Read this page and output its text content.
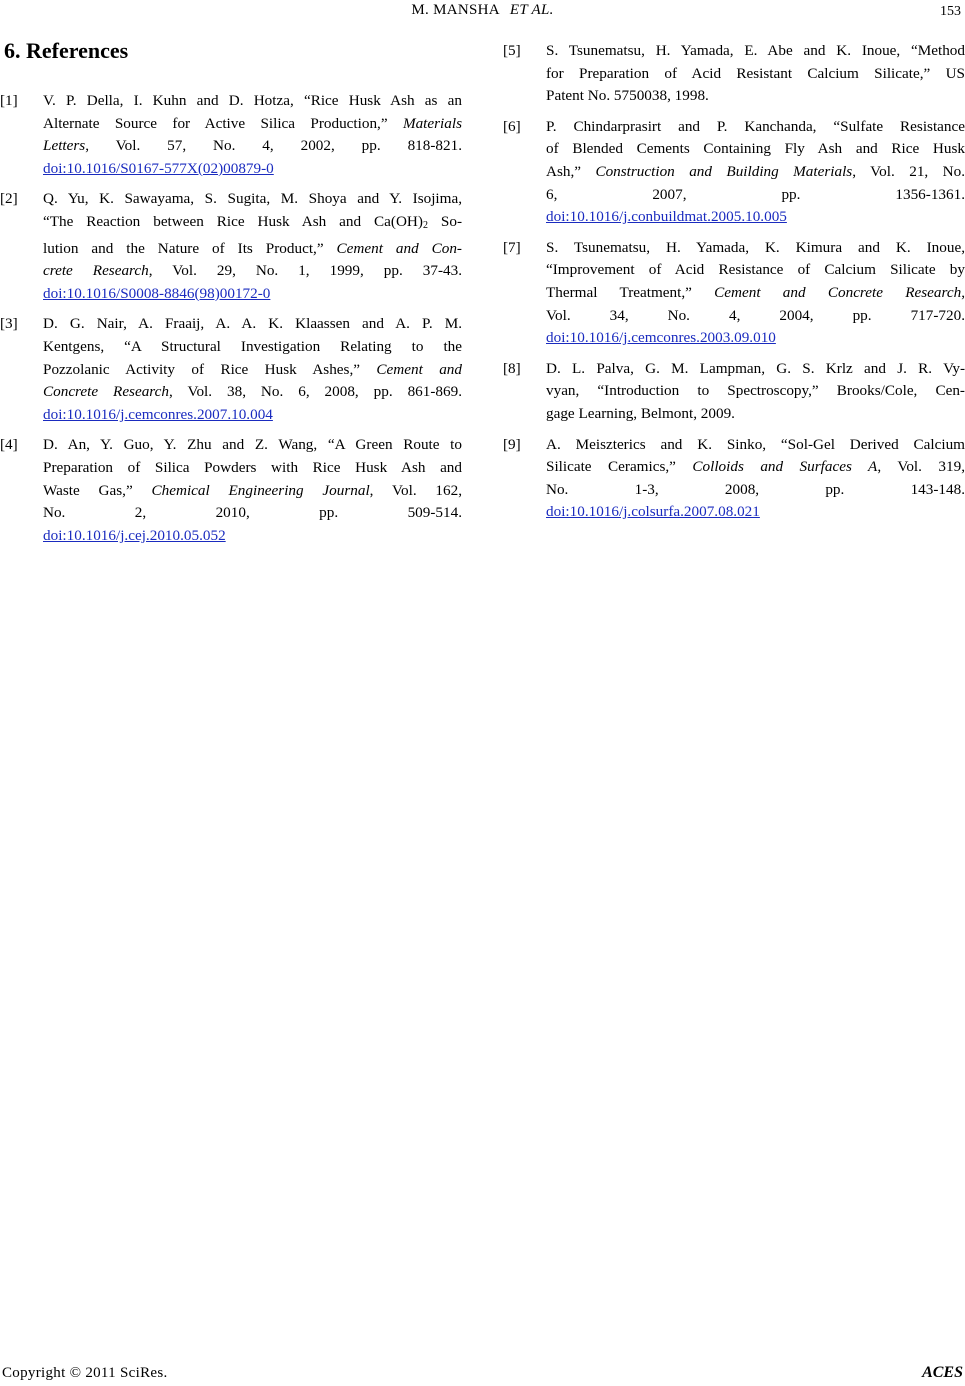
M. MANSHA ET AL.	153
6. References
[1] V. P. Della, I. Kuhn and D. Hotza, “Rice Husk Ash as an
Alternate Source for Active Silica Production,” Materials
Letters, Vol. 57, No. 4, 2002, pp. 818-821.
doi:10.1016/S0167-577X(02)00879-0
[2] Q. Yu, K. Sawayama, S. Sugita, M. Shoya and Y. Isojima,
“The Reaction between Rice Husk Ash and $Ca(OH)_2$ So-
lution and the Nature of Its Product,” Cement and Con-
crete Research, Vol. 29, No. 1, 1999, pp. 37-43.
doi:10.1016/S0008-8846(98)00172-0
[3] D. G. Nair, A. Fraaij, A. A. K. Klaassen and A. P. M.
Kentgens, “A Structural Investigation Relating to the
Pozzolanic Activity of Rice Husk Ashes,” Cement and
Concrete Research, Vol. 38, No. 6, 2008, pp. 861-869.
doi:10.1016/j.cemconres.2007.10.004
[4] D. An, Y. Guo, Y. Zhu and Z. Wang, “A Green Route to
Preparation of Silica Powders with Rice Husk Ash and
Waste Gas,” Chemical Engineering Journal, Vol. 162,
No. 2, 2010, pp. 509-514.
doi:10.1016/j.cej.2010.05.052
[5] S. Tsunematsu, H. Yamada, E. Abe and K. Inoue, “Method
for Preparation of Acid Resistant Calcium Silicate,” US
Patent No. 5750038, 1998.
[6] P. Chindarprasirt and P. Kanchanda, “Sulfate Resistance
of Blended Cements Containing Fly Ash and Rice Husk
Ash,” Construction and Building Materials, Vol. 21, No.
6, 2007, pp. 1356-1361.
doi:10.1016/j.conbuildmat.2005.10.005
[7] S. Tsunematsu, H. Yamada, K. Kimura and K. Inoue,
“Improvement of Acid Resistance of Calcium Silicate by
Thermal Treatment,” Cement and Concrete Research,
Vol. 34, No. 4, 2004, pp. 717-720.
doi:10.1016/j.cemconres.2003.09.010
[8] D. L. Palva, G. M. Lampman, G. S. Krlz and J. R. Vy-
vyan, “Introduction to Spectroscopy,” Brooks/Cole, Cen-
gage Learning, Belmont, 2009.
[9] A. Meiszterics and K. Sinko, “Sol-Gel Derived Calcium
Silicate Ceramics,” Colloids and Surfaces A, Vol. 319,
No. 1-3, 2008, pp. 143-148.
doi:10.1016/j.colsurfa.2007.08.021
Copyright © 2011 SciRes.	ACES
